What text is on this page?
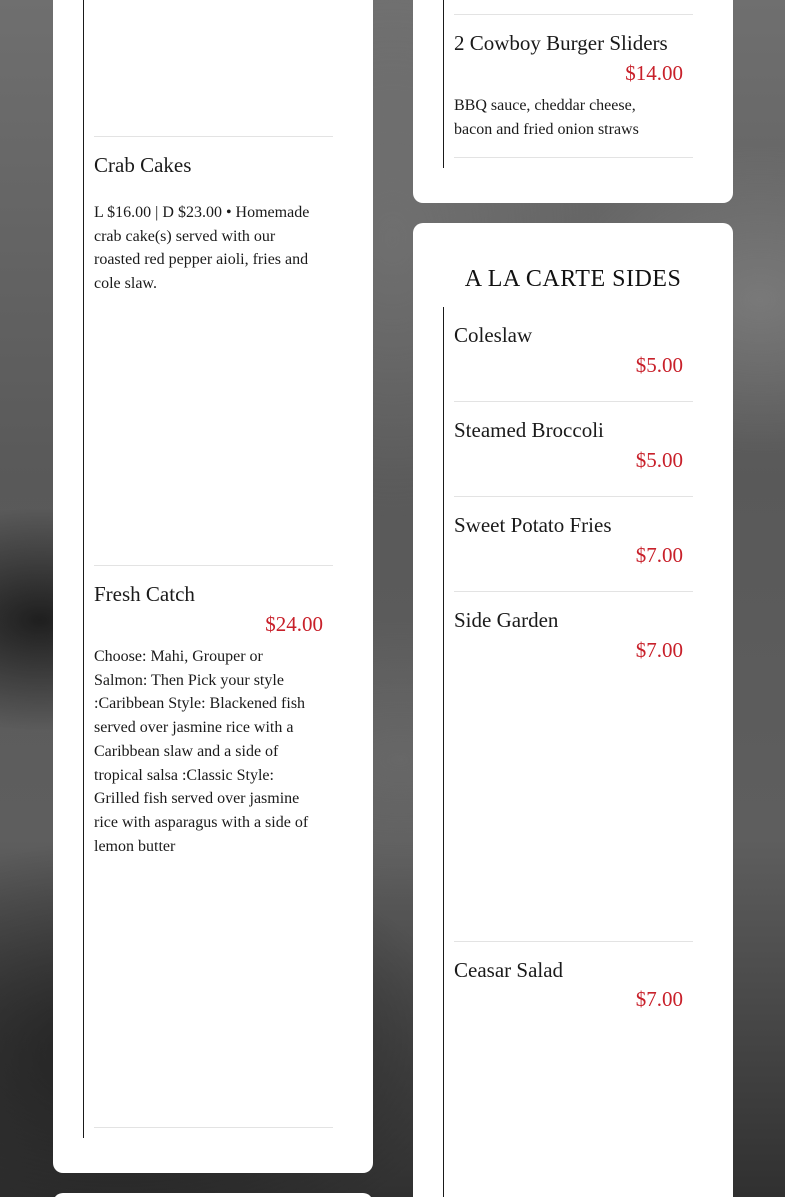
Crab Cakes
L $16.00 | D $23.00 • Homemade crab cake(s) served with our roasted red pepper aioli, fries and cole slaw.
Fresh Catch
$24.00
Choose: Mahi, Grouper or Salmon: Then Pick your style :Caribbean Style: Blackened fish served over jasmine rice with a Caribbean slaw and a side of tropical salsa :Classic Style: Grilled fish served over jasmine rice with asparagus with a side of lemon butter
2 Cowboy Burger Sliders
$14.00
BBQ sauce, cheddar cheese, bacon and fried onion straws
A LA CARTE SIDES
Coleslaw
$5.00
Steamed Broccoli
$5.00
Sweet Potato Fries
$7.00
Side Garden
$7.00
Ceasar Salad
$7.00
